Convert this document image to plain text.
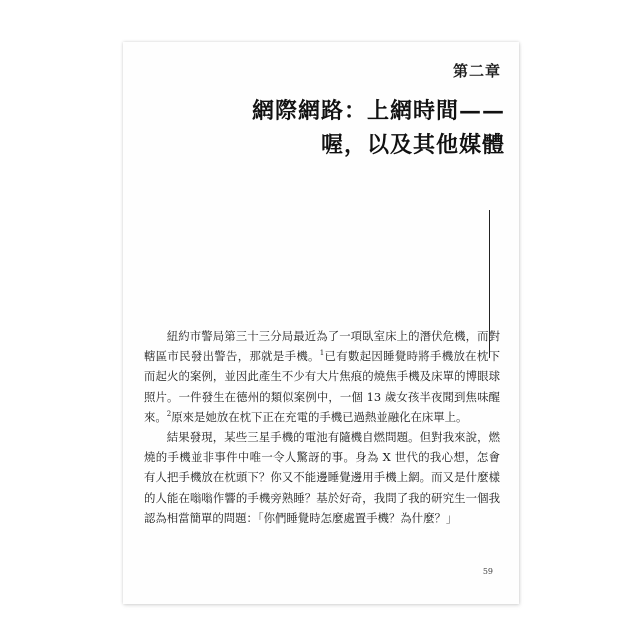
第二章
網際網路：上網時間——
喔，以及其他媒體

紐約市警局第三十三分局最近為了一項臥室床上的潛伏危機，而對轄區市民發出警告，那就是手機。$^1$已有數起因睡覺時將手機放在枕下而起火的案例，並因此產生不少有大片焦痕的燒焦手機及床單的博眼球照片。一件發生在德州的類似案例中，一個 13 歲女孩半夜聞到焦味醒來。$^2$原來是她放在枕下正在充電的手機已過熱並融化在床單上。

結果發現，某些三星手機的電池有隨機自燃問題。但對我來說，燃燒的手機並非事件中唯一令人驚訝的事。身為 X 世代的我心想，怎會有人把手機放在枕頭下？你又不能邊睡覺邊用手機上網。而又是什麼樣的人能在嗡嗡作響的手機旁熟睡？基於好奇，我問了我的研究生一個我認為相當簡單的問題：「你們睡覺時怎麼處置手機？為什麼？」

59
